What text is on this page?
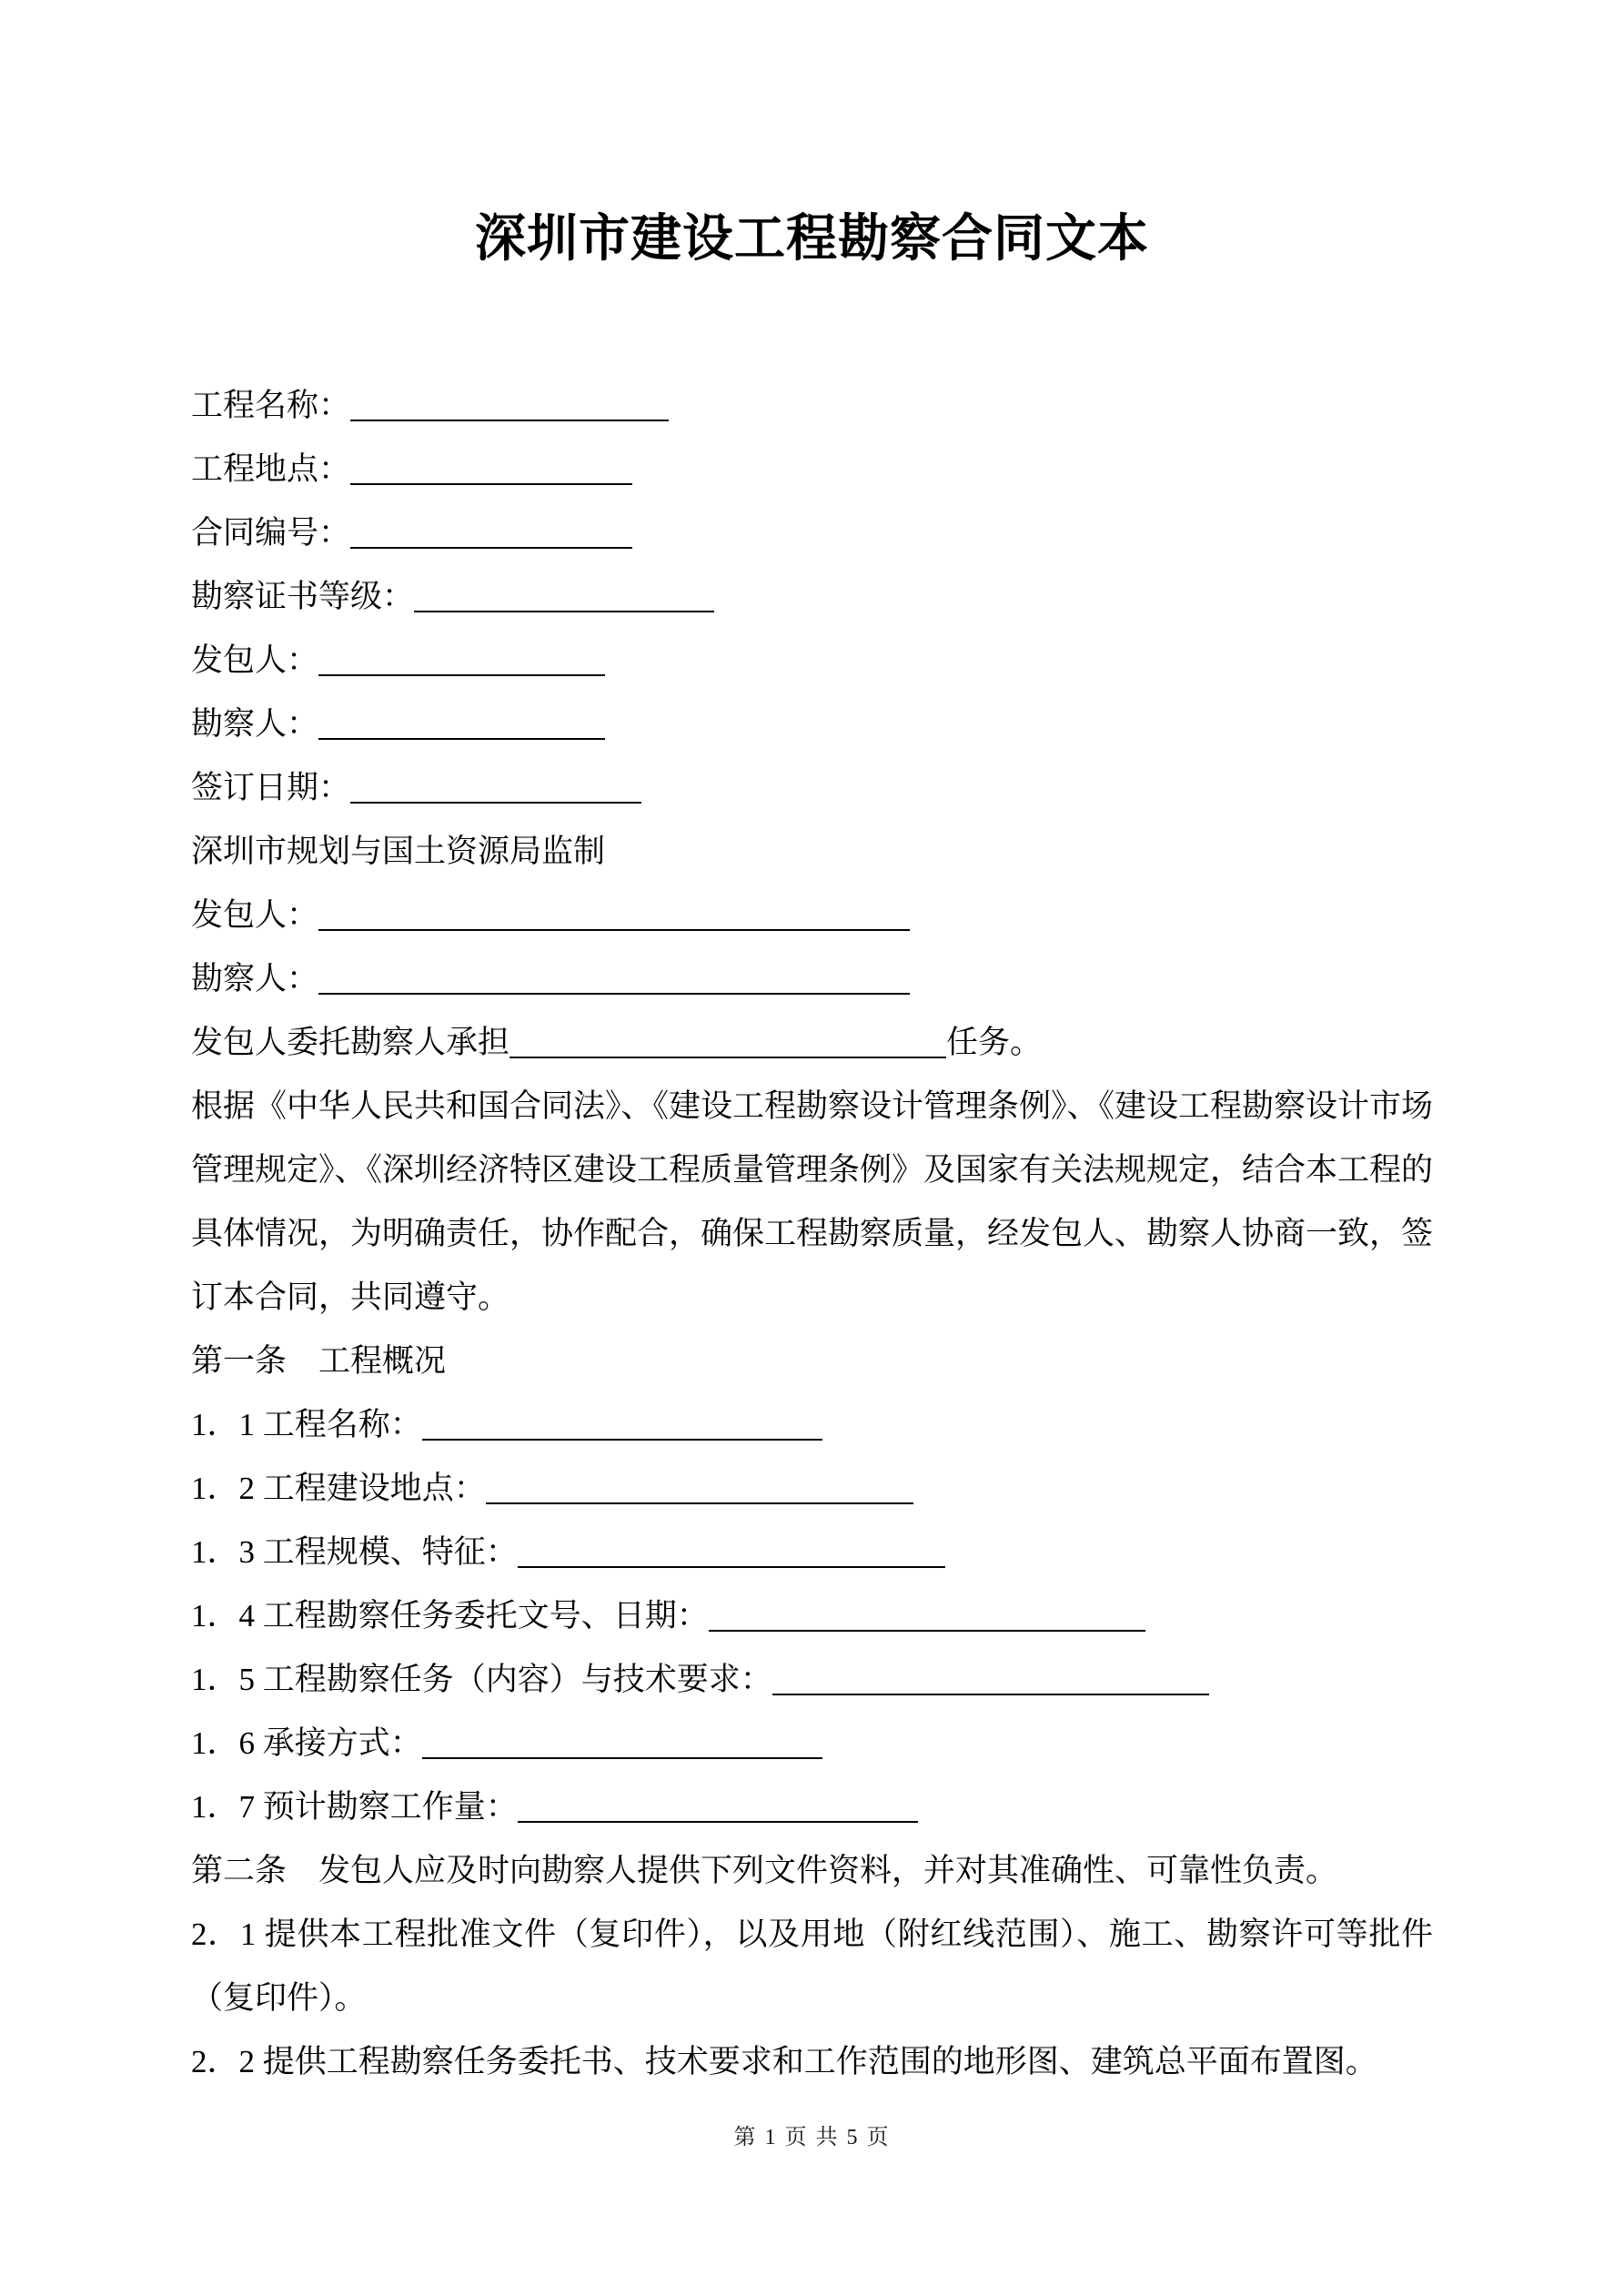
深圳市建设工程勘察合同文本
工程名称：
工程地点：
合同编号：
勘察证书等级：
发包人：
勘察人：
签订日期：
深圳市规划与国土资源局监制
发包人：
勘察人：
发包人委托勘察人承担	任务。

根据《中华人民共和国合同法》、《建设工程勘察设计管理条例》、《建设工程勘察设计市场管理规定》、《深圳经济特区建设工程质量管理条例》及国家有关法规规定，结合本工程的具体情况，为明确责任，协作配合，确保工程勘察质量，经发包人、勘察人协商一致，签订本合同，共同遵守。

第一条　工程概况
1．1 工程名称：
1．2 工程建设地点：
1．3 工程规模、特征：
1．4 工程勘察任务委托文号、日期：
1．5 工程勘察任务（内容）与技术要求：
1．6 承接方式：
1．7 预计勘察工作量：
第二条　发包人应及时向勘察人提供下列文件资料，并对其准确性、可靠性负责。

2．1 提供本工程批准文件（复印件），以及用地（附红线范围）、施工、勘察许可等批件（复印件）。

2．2 提供工程勘察任务委托书、技术要求和工作范围的地形图、建筑总平面布置图。

第 1 页 共 5 页
